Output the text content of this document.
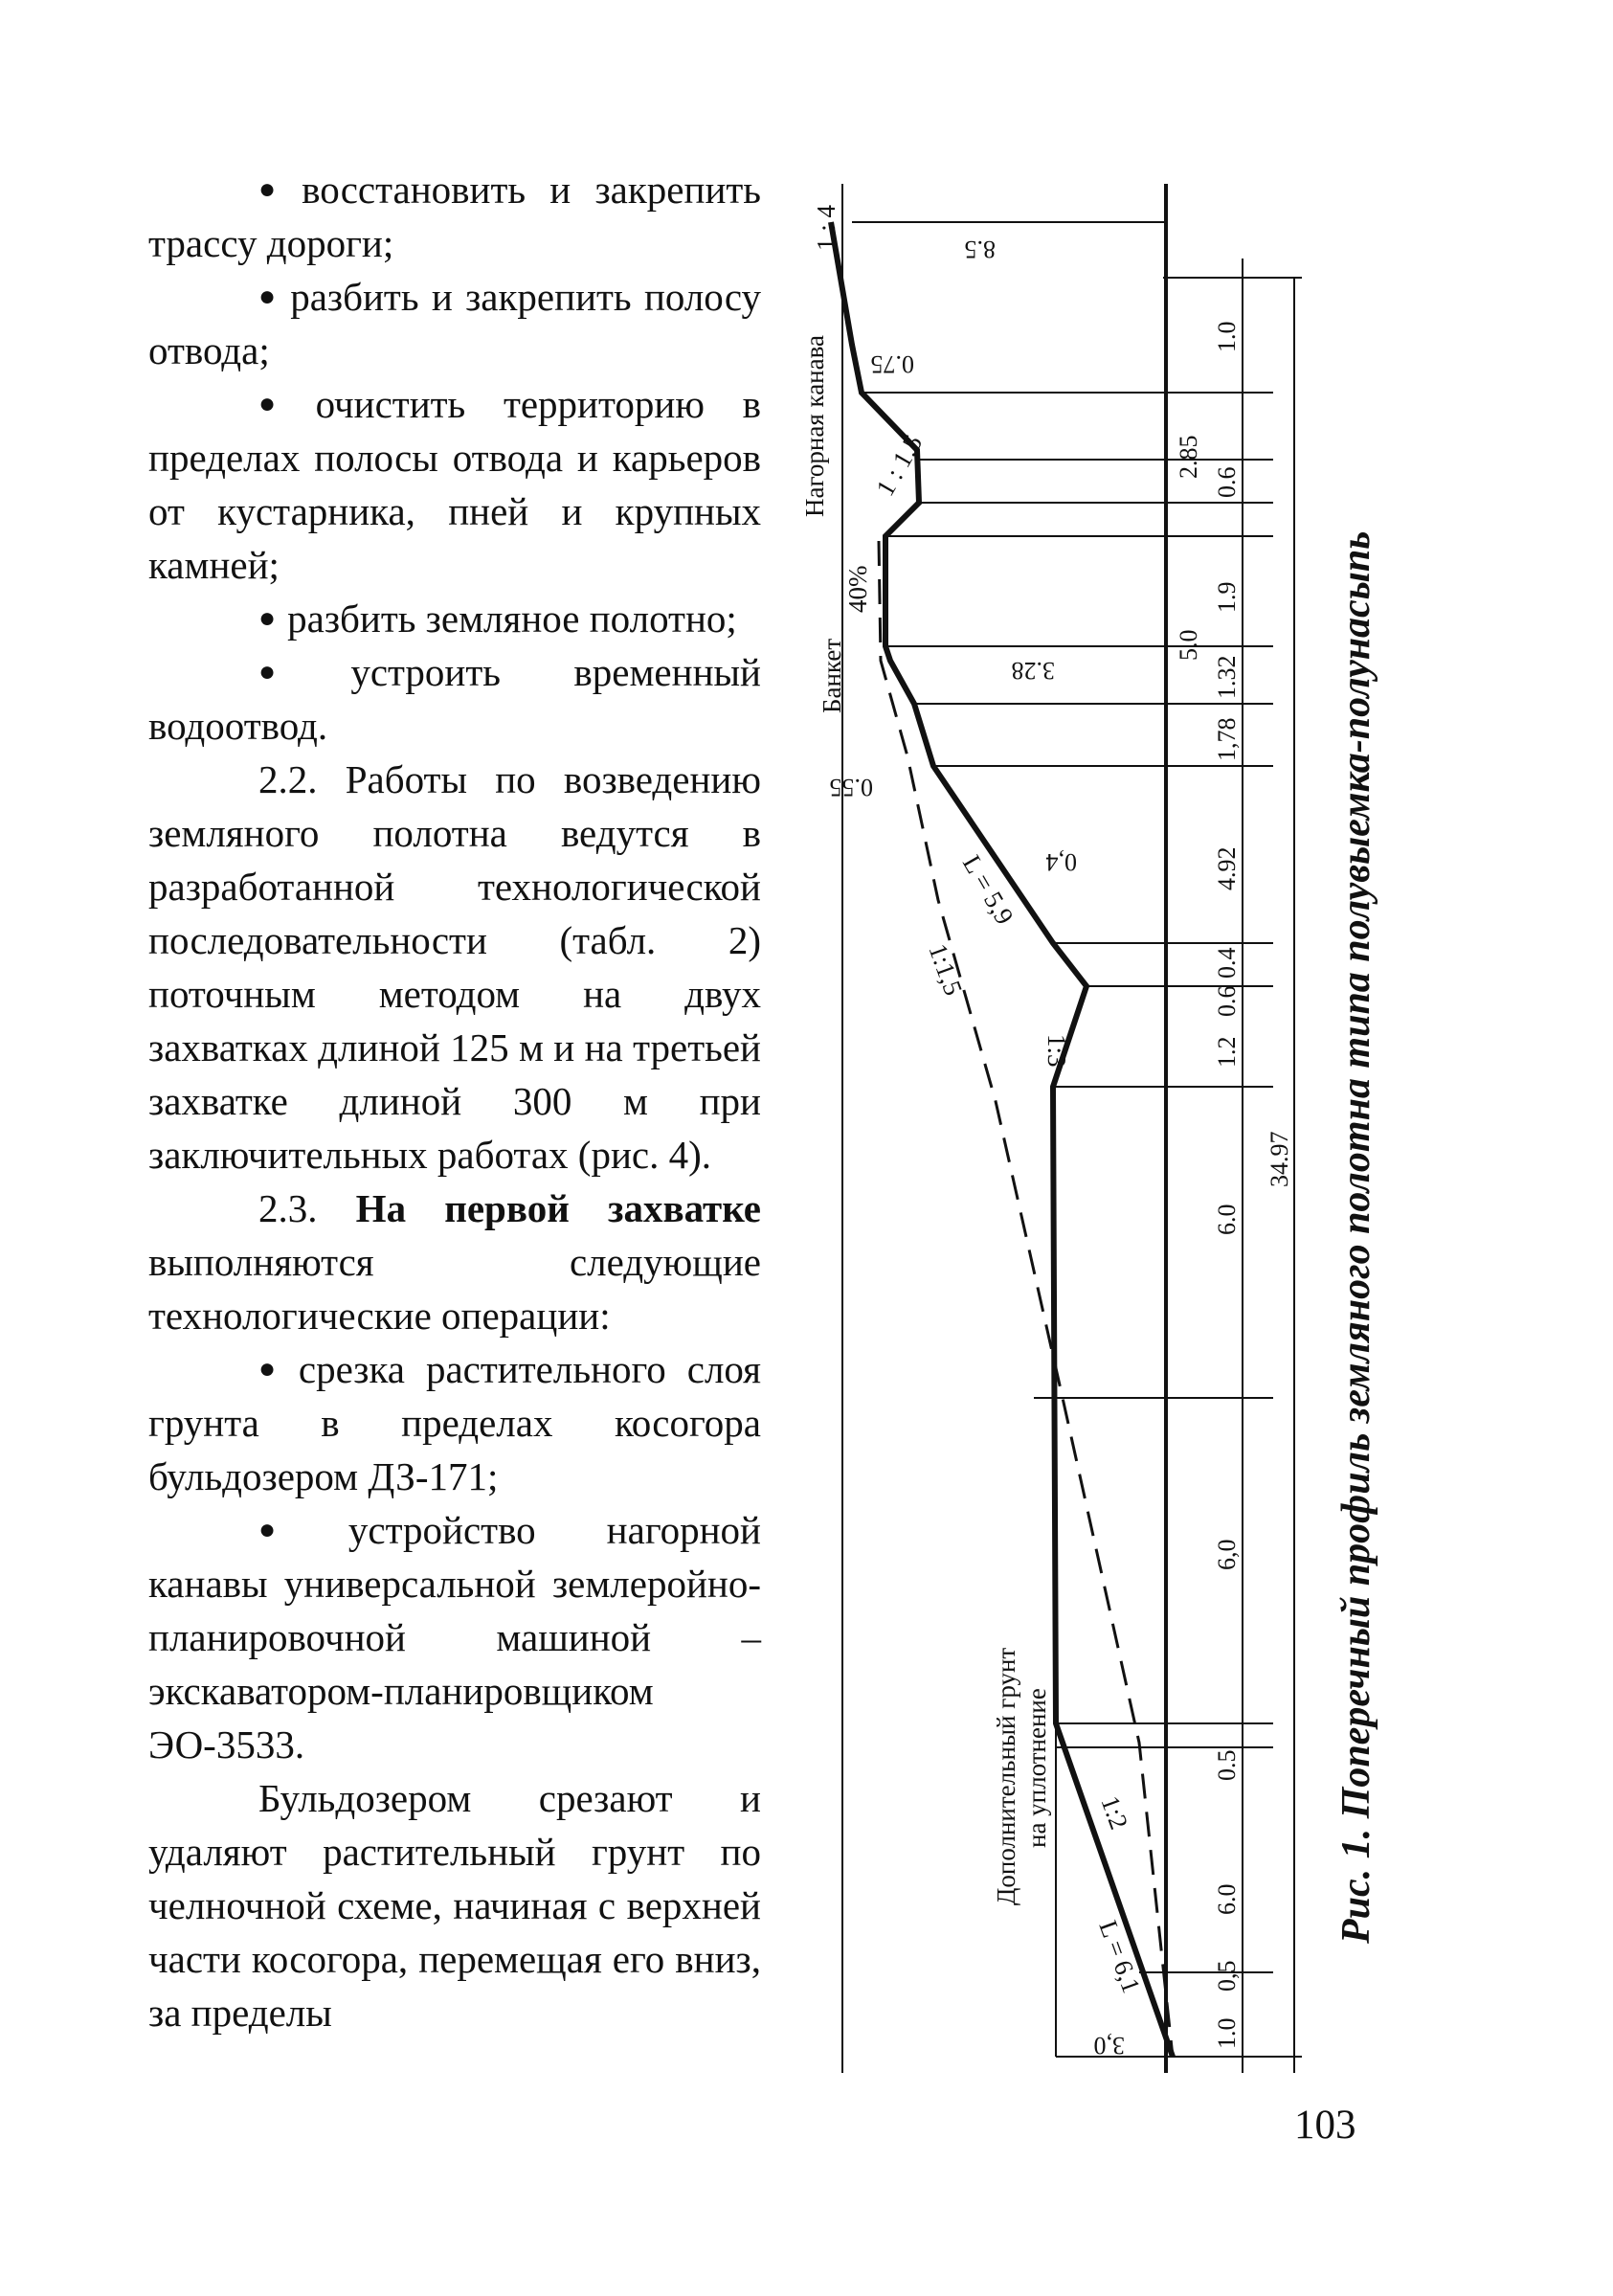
● восстановить и закрепить трассу дороги;

● разбить и закрепить полосу отвода;

● очистить территорию в пределах полосы отвода и карьеров от кустарника, пней и крупных камней;

● разбить земляное полотно;

● устроить временный водоотвод.

2.2. Работы по возведению земляного полотна ведутся в разработанной технологической последовательности (табл. 2) поточным методом на двух захватках длиной 125 м и на третьей захватке длиной 300 м при заключительных работах (рис. 4).

2.3. На первой захватке выполняются следующие технологические операции:

● срезка растительного слоя грунта в пределах косогора бульдозером ДЗ-171;

● устройство нагорной канавы универсальной землеройно-планировочной машиной – экскаватором-планировщиком ЭО-3533.

Бульдозером срезают и удаляют растительный грунт по челночной схеме, начиная с верхней части косогора, перемещая его вниз, за пределы

103
8.5
0.75
3.28
0.55
0,4
3,0
1.0
2.85
0.6
1.9
5.0
1.32
1,78
4.92
0.4
0.6
1.2
6.0
6,0
0.5
6.0
0,5
1.0
34.97
Нагорная канава
1 : 4
Банкет
40%
1 : 1,5
L = 5,9
1:1,5
1:3
Дополнительный грунт на уплотнение 1:2
L = 6,1
Рис. 1. Поперечный профиль земляного полотна типа полувыемка-полунасыпь
